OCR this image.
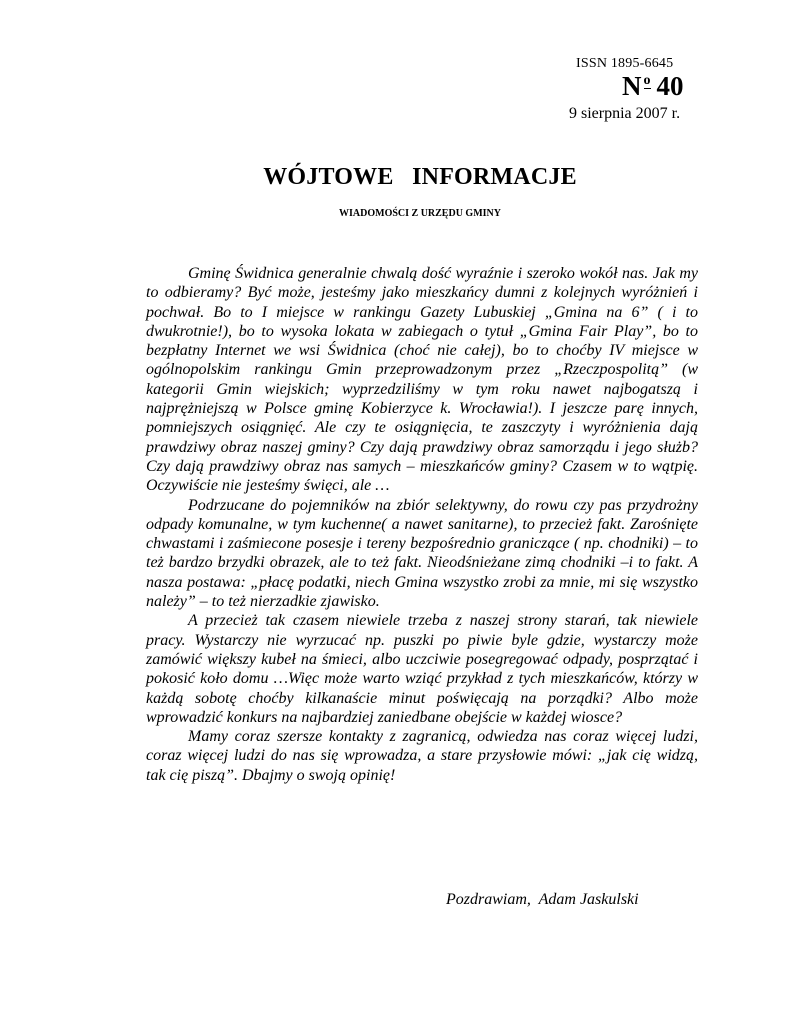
ISSN 1895-6645
N o 40
9 sierpnia 2007 r.
WÓJTOWE   INFORMACJE
WIADOMOŚCI Z URZĘDU GMINY

Gminę Świdnica generalnie chwalą dość wyraźnie i szeroko wokół nas. Jak my to odbieramy? Być może, jesteśmy jako mieszkańcy dumni z kolejnych wyróżnień i pochwał. Bo to I miejsce w rankingu Gazety Lubuskiej „Gmina na 6” ( i to dwukrotnie!), bo to wysoka lokata w zabiegach o tytuł „Gmina Fair Play”, bo to bezpłatny Internet we wsi Świdnica (choć nie całej), bo to choćby IV miejsce w ogólnopolskim rankingu Gmin przeprowadzonym przez „Rzeczpospolitą” (w kategorii Gmin wiejskich; wyprzedziliśmy w tym roku nawet najbogatszą i najprężniejszą w Polsce gminę Kobierzyce k. Wrocławia!). I jeszcze parę innych, pomniejszych osiągnięć. Ale czy te osiągnięcia, te zaszczyty i wyróżnienia dają prawdziwy obraz naszej gminy? Czy dają prawdziwy obraz samorządu i jego służb? Czy dają prawdziwy obraz nas samych – mieszkańców gminy? Czasem w to wątpię. Oczywiście nie jesteśmy święci, ale …

Podrzucane do pojemników na zbiór selektywny, do rowu czy pas przydrożny odpady komunalne, w tym kuchenne( a nawet sanitarne), to przecież fakt. Zarośnięte chwastami i zaśmiecone posesje i tereny bezpośrednio graniczące ( np. chodniki) – to też bardzo brzydki obrazek, ale to też fakt. Nieodśnieżane zimą chodniki –i to fakt. A nasza postawa: „płacę podatki, niech Gmina wszystko zrobi za mnie, mi się wszystko należy” – to też nierzadkie zjawisko.

A przecież tak czasem niewiele trzeba z naszej strony starań, tak niewiele pracy. Wystarczy nie wyrzucać np. puszki po piwie byle gdzie, wystarczy może zamówić większy kubeł na śmieci, albo uczciwie posegregować odpady, posprzątać i pokosić koło domu …Więc może warto wziąć przykład z tych mieszkańców, którzy w każdą sobotę choćby kilkanaście minut poświęcają na porządki? Albo może wprowadzić konkurs na najbardziej zaniedbane obejście w każdej wiosce?

Mamy coraz szersze kontakty z zagranicą, odwiedza nas coraz więcej ludzi, coraz więcej ludzi do nas się wprowadza, a stare przysłowie mówi: „jak cię widzą, tak cię piszą”. Dbajmy o swoją opinię!

Pozdrawiam,  Adam Jaskulski
